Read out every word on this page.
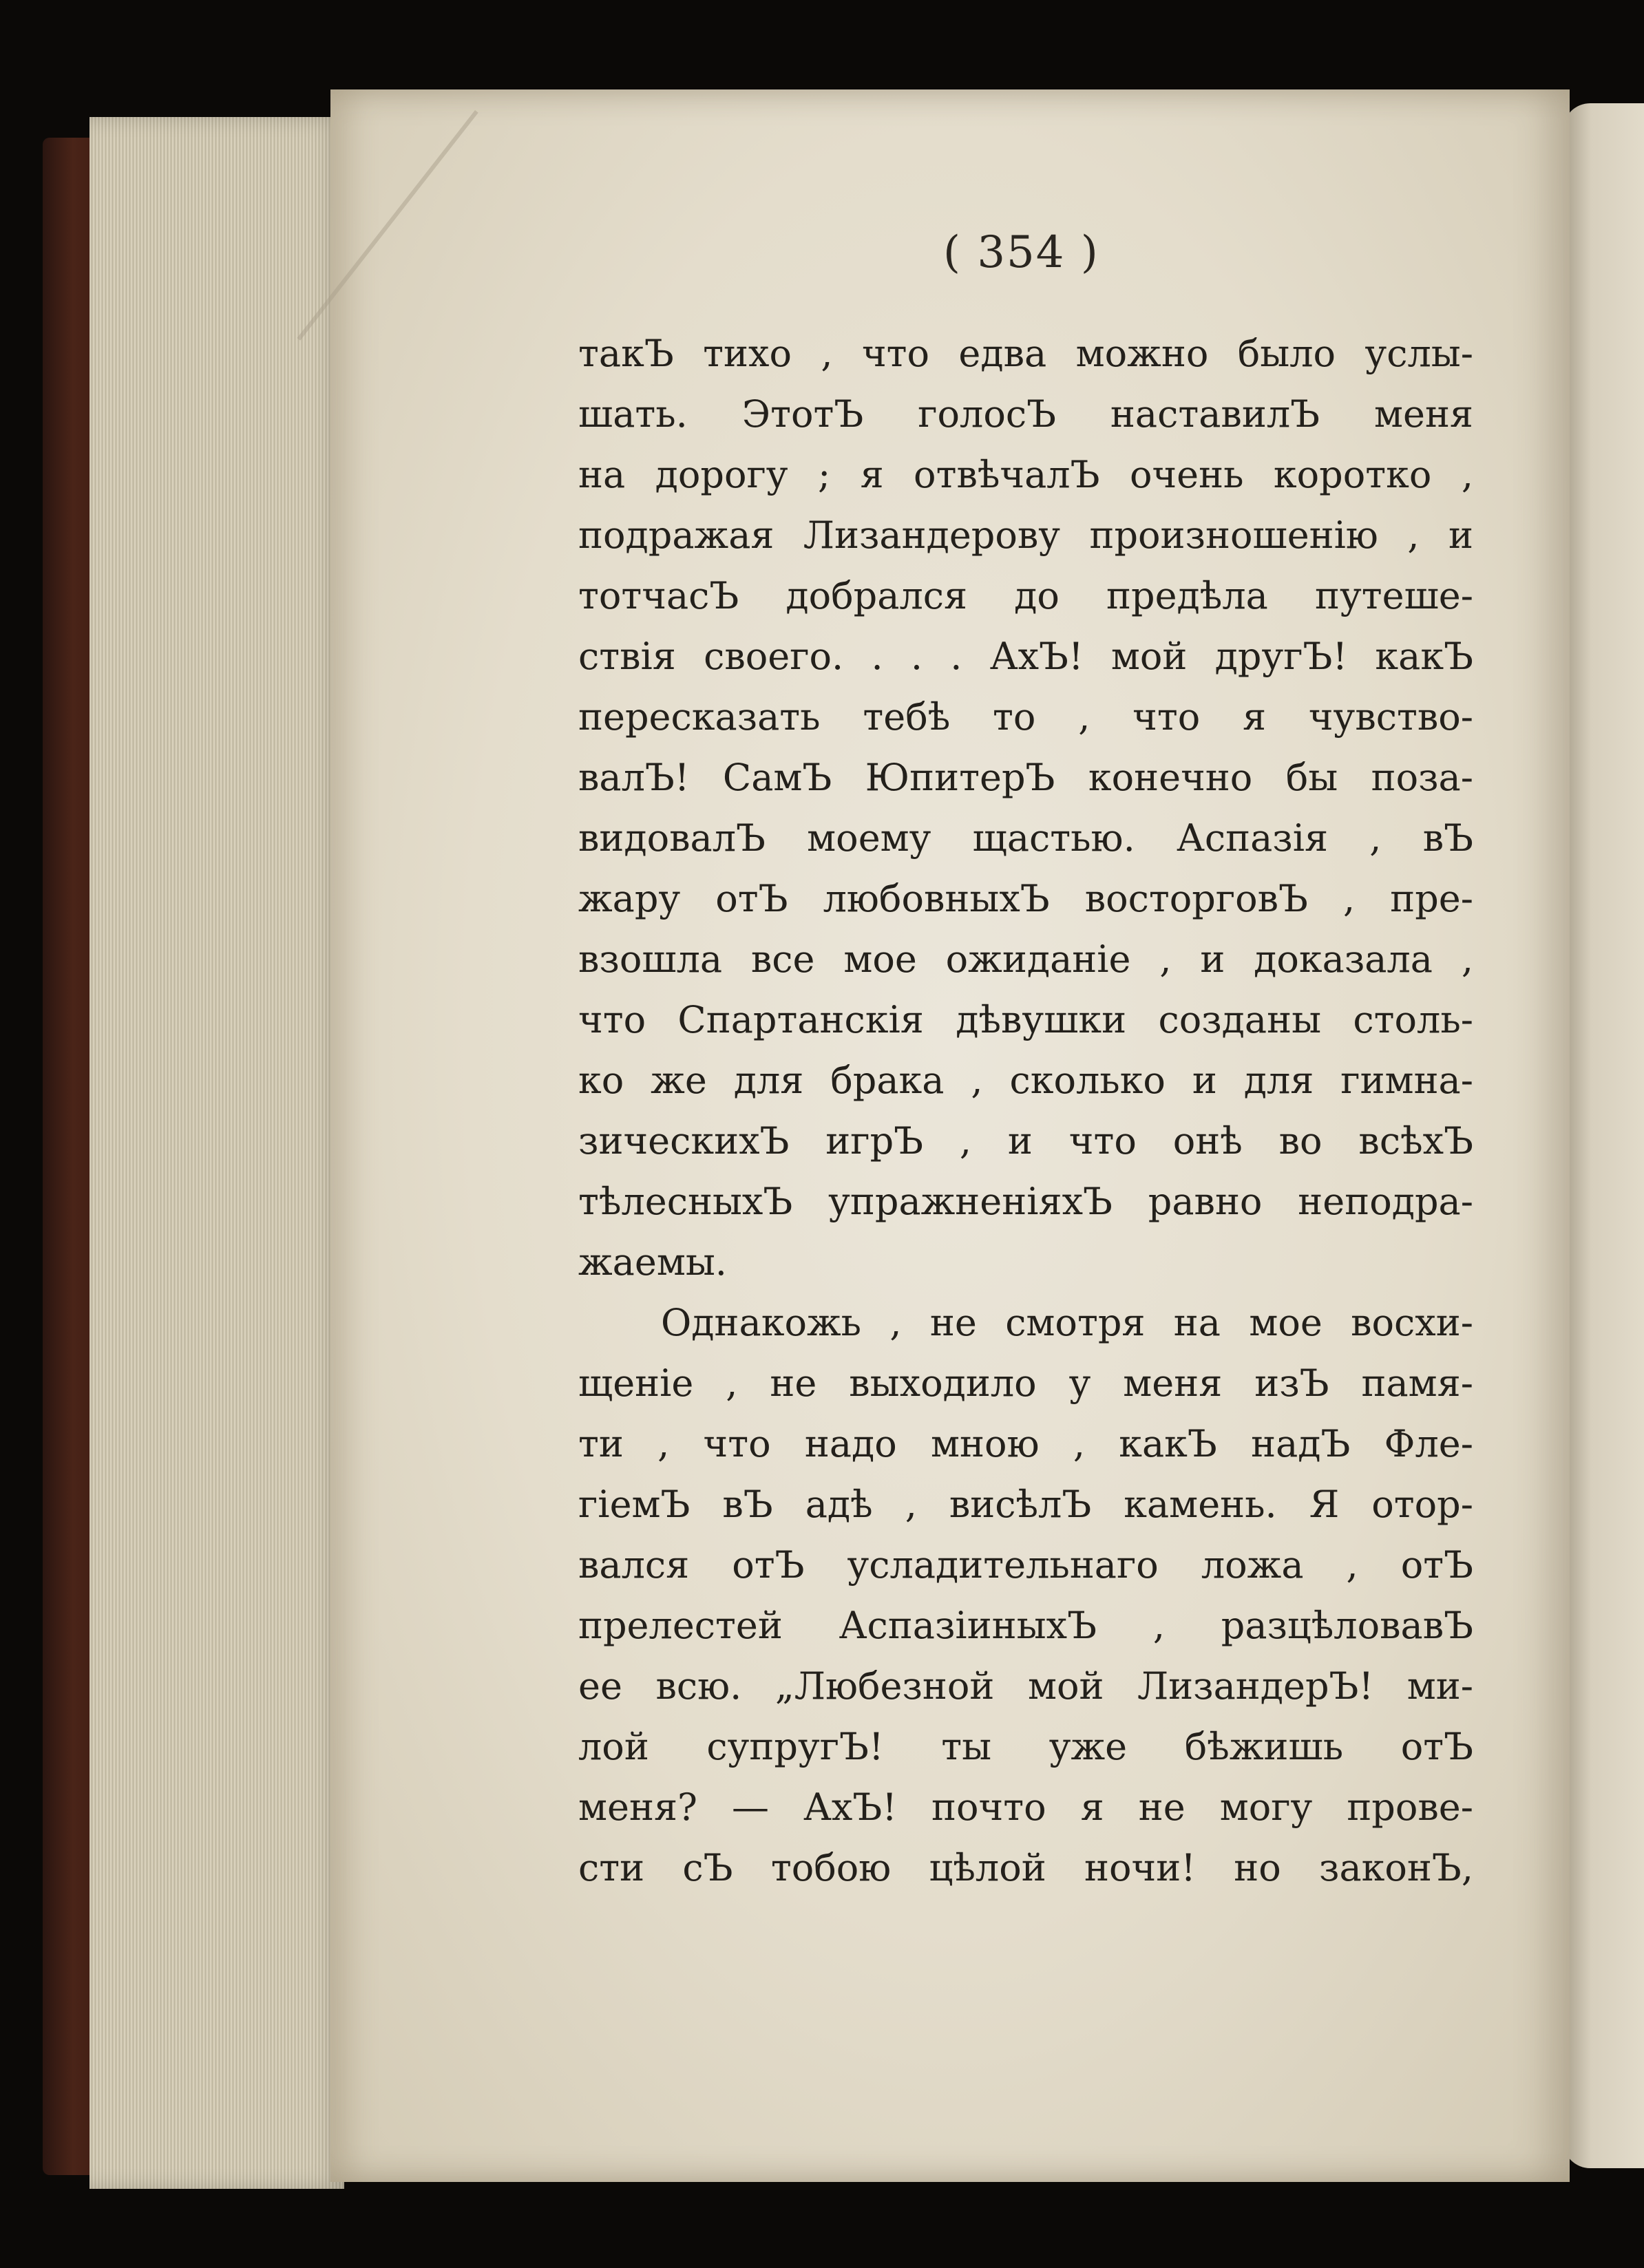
( 354 )
такЪ тихо , что едва можно было услы-
шать. ЭтотЪ голосЪ наставилЪ меня
на дорогу ; я отвѣчалЪ очень коротко ,
подражая Лизандерову произношенію , и
тотчасЪ добрался до предѣла путеше-
ствія своего. . . . АхЪ! мой другЪ! какЪ
пересказать тебѣ то , что я чувство-
валЪ! СамЪ ЮпитерЪ конечно бы поза-
видовалЪ моему щастью. Аспазія , вЪ
жару отЪ любовныхЪ восторговЪ , пре-
взошла все мое ожиданіе , и доказала ,
что Спартанскія дѣвушки созданы столь-
ко же для брака , сколько и для гимна-
зическихЪ игрЪ , и что онѣ во всѣхЪ
тѣлесныхЪ упражненіяхЪ равно неподра-
жаемы.
Однакожь , не смотря на мое восхи-
щеніе , не выходило у меня изЪ памя-
ти , что надо мною , какЪ надЪ Фле-
гіемЪ вЪ адѣ , висѣлЪ камень. Я отор-
вался отЪ усладительнаго ложа , отЪ
прелестей АспазіиныхЪ , разцѣловавЪ
ее всю. „Любезной мой ЛизандерЪ! ми-
лой супругЪ! ты уже бѣжишь отЪ
меня? — АхЪ! почто я не могу прове-
сти сЪ тобою цѣлой ночи! но законЪ,
